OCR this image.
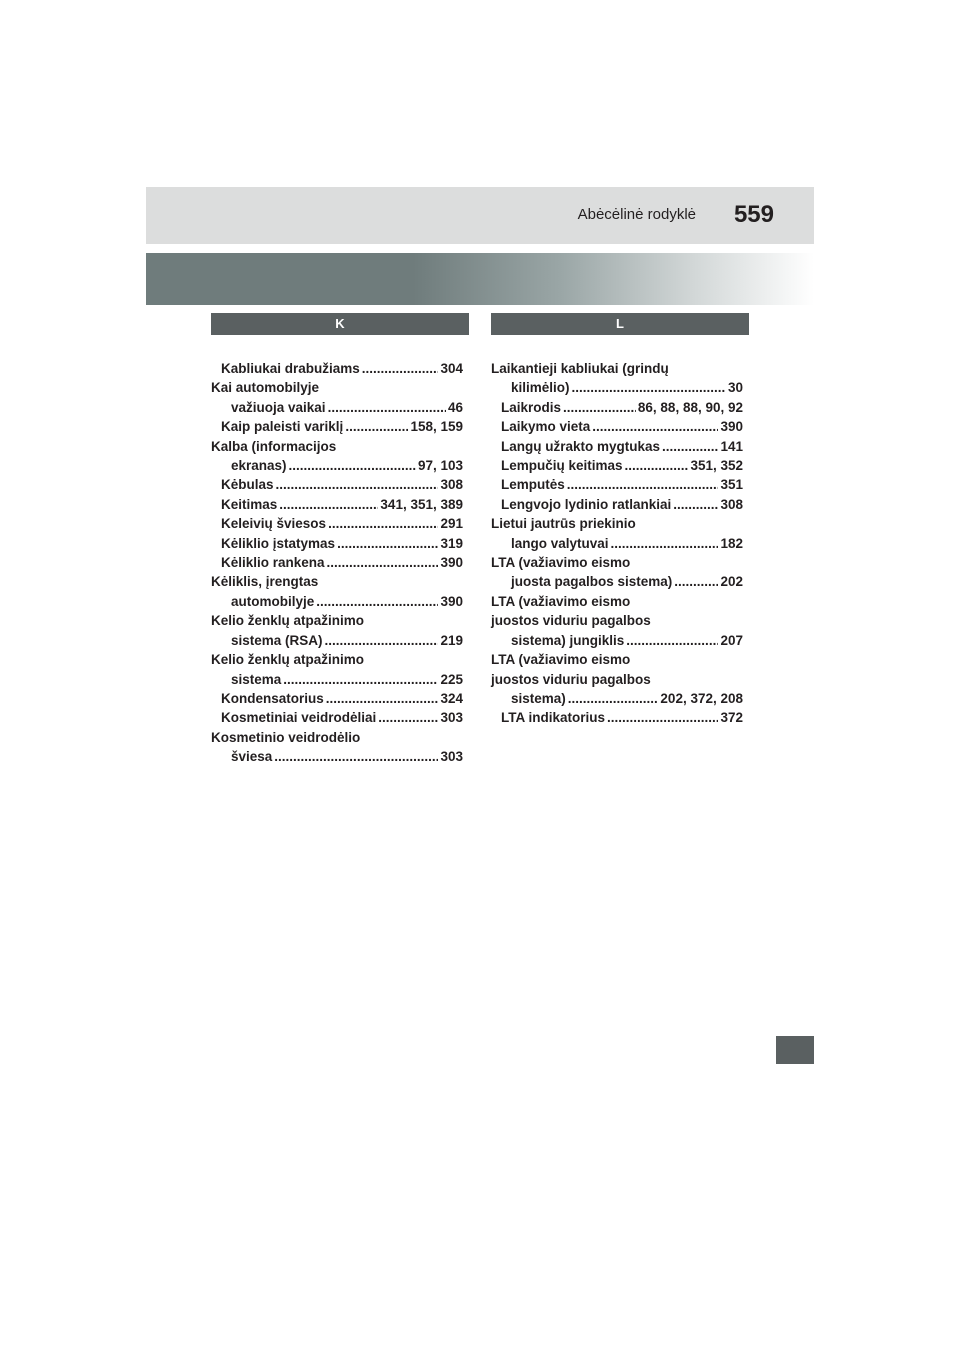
Abėcėlinė rodyklė 559
K
Kabliukai drabužiams .....	304
Kai automobilyje
važiuoja vaikai .....	46
Kaip paleisti variklį .....	158, 159
Kalba (informacijos
ekranas) .....	97, 103
Kėbulas .....	308
Keitimas .....	341, 351, 389
Keleivių šviesos .....	291
Kėliklio įstatymas .....	319
Kėliklio rankena .....	390
Kėliklis, įrengtas
automobilyje .....	390
Kelio ženklų atpažinimo
sistema (RSA) .....	219
Kelio ženklų atpažinimo
sistema .....	225
Kondensatorius .....	324
Kosmetiniai veidrodėliai .....	303
Kosmetinio veidrodėlio
šviesa .....	303
L
Laikantieji kabliukai (grindų
kilimėlio) .....	30
Laikrodis .....	86, 88, 88, 90, 92
Laikymo vieta .....	390
Langų užrakto mygtukas .....	141
Lempučių keitimas .....	351, 352
Lemputės .....	351
Lengvojo lydinio ratlankiai .....	308
Lietui jautrūs priekinio
lango valytuvai .....	182
LTA (važiavimo eismo
juosta pagalbos sistema) .....	202
LTA (važiavimo eismo
juostos viduriu pagalbos
sistema) jungiklis .....	207
LTA (važiavimo eismo
juostos viduriu pagalbos
sistema) .....	202, 372, 208
LTA indikatorius .....	372
